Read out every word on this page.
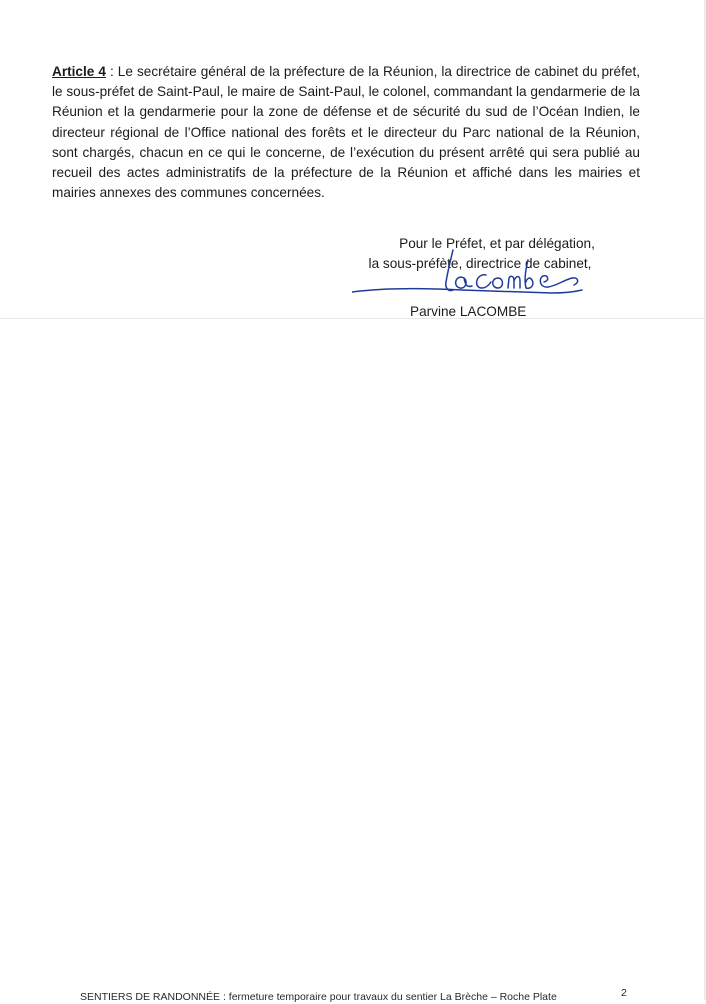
Article 4 : Le secrétaire général de la préfecture de la Réunion, la directrice de cabinet du préfet, le sous-préfet de Saint-Paul, le maire de Saint-Paul, le colonel, commandant la gendarmerie de la Réunion et la gendarmerie pour la zone de défense et de sécurité du sud de l’Océan Indien, le directeur régional de l’Office national des forêts et le directeur du Parc national de la Réunion, sont chargés, chacun en ce qui le concerne, de l’exécution du présent arrêté qui sera publié au recueil des actes administratifs de la préfecture de la Réunion et affiché dans les mairies et mairies annexes des communes concernées.

Pour le Préfet, et par délégation,
la sous-préfète, directrice de cabinet,
Parvine LACOMBE
SENTIERS DE RANDONNÉE : fermeture temporaire pour travaux du sentier La Brèche – Roche Plate	2
